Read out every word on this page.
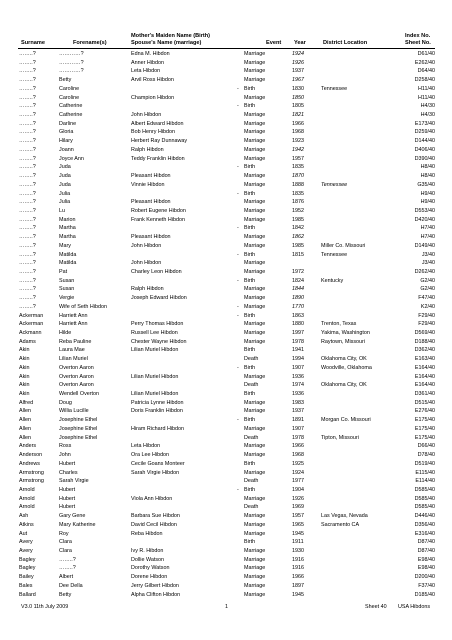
Mother's Maiden Name (Birth)
Surname	Forename(s)	Spouse's Name (marriage)	Event Year	District Location
Index No.
Sheet No.
……..?	…………?	Edna M. Hibdon	Marriage	1924	D61/40
……..?	…………?	Anner Hibdon	Marriage	1926	E262/40
……..?	…………?	Leta Hibdon	Marriage	1937	D64/40
……..?	Betty	Arvil Ross Hibdon	Marriage	1967	D258/40
……..?	Caroline	- Birth	1830	Tennessee	H11/40
……..?	Caroline	Champion Hibdon	Marriage	1850	H11/40
……..?	Catherine	- Birth	1805	H4/30
……..?	Catherine	John Hibdon	Marriage	1821	H4/30
……..?	Darline	Albert Edward Hibdon	Marriage	1966	E173/40
……..?	Gloria	Bob Henry Hibdon	Marriage	1968	D259/40
……..?	Hilary	Herbert Ray Dunnaway	Marriage	1923	D144/40
……..?	Joann	Ralph Hibdon	Marriage	1942	D406/40
……..?	Joyce Ann	Teddy Franklin Hibdon	Marriage	1957	D390/40
……..?	Juda	- Birth	1835	H8/40
……..?	Juda	Pleasant Hibdon	Marriage	1870	H8/40
……..?	Juda	Vinnie Hibdon	Marriage	1888	Tennessee	G35/40
……..?	Julia	- Birth	1835	H9/40
……..?	Julia	Pleasant Hibdon	Marriage	1876	H9/40
……..?	Lu	Robert Eugene Hibdon	Marriage	1952	D553/40
……..?	Marion	Frank Kenneth Hibdon	Marriage	1985	D420/40
……..?	Martha	- Birth	1842	H7/40
……..?	Martha	Pleasant Hibdon	Marriage	1862	H7/40
……..?	Mary	John Hibdon	Marriage	1985	Miller Co. Missouri	D149/40
……..?	Matilda	- Birth	1815	Tennessee	J3/40
……..?	Matilda	John Hibdon	Marriage	J3/40
……..?	Pat	Charley Leon Hibdon	Marriage	1972	D262/40
……..?	Susan	- Birth	1824	Kentucky	G2/40
……..?	Susan	Ralph Hibdon	Marriage	1844	G2/40
……..?	Vergie	Joseph Edward Hibdon	Marriage	1890	F47/40
……..?	Wife of Seth Hibdon	- Marriage	1770	K2/40
Ackerman	Harriett Ann	- Birth	1863	F29/40
Ackerman	Harriett Ann	Perry Thomas Hibdon	Marriage	1880	Trenton, Texas	F29/40
Ackmann	Hilde	Russell Lee Hibdon	Marriage	1997	Yakima, Washington	D569/40
Adams	Reba Pauline	Chester Wayne Hibdon	Marriage	1978	Raytown, Missouri	D188/40
Akin	Laura Mae	Lilian Muriel Hibdon	Birth	1941	D362/40
Akin	Lilian Muriel	Death	1994	Oklahoma City, OK	E163/40
Akin	Overton Aaron	- Birth	1907	Woodville, Oklahoma	E164/40
Akin	Overton Aaron	Lilian Muriel Hibdon	Marriage	1936	E164/40
Akin	Overton Aaron	Death	1974	Oklahoma City, OK	E164/40
Akin	Wendell Overton	Lilian Muriel Hibdon	Birth	1936	D361/40
Alfred	Doug	Patricia Lynne Hibdon	Marriage	1983	D515/40
Allen	Willia Lucille	Doris Franklin Hibdon	Marriage	1937	E276/40
Allen	Josephine Ethel	- Birth	1891	Morgan Co. Missouri	E175/40
Allen	Josephine Ethel	Hiram Richard Hibdon	Marriage	1907	E175/40
Allen	Josephine Ethel	Death	1978	Tipton, Missouri	E175/40
Anders	Ross	Leta Hibdon	Marriage	1966	D66/40
Anderson	John	Ora Lee Hibdon	Marriage	1968	D78/40
Andrews	Hubert	Cecile Goans Monteer	Birth	1925	D519/40
Armstrong	Charles	Sarah Virgie Hibdon	Marriage	1924	E115/40
Armstrong	Sarah Virgie	Death	1977	E114/40
Arnold	Hubert	- Birth	1904	D585/40
Arnold	Hubert	Viola Ann Hibdon	Marriage	1926	D585/40
Arnold	Hubert	Death	1969	D585/40
Ash	Gary Gene	Barbara Sue Hibdon	Marriage	1957	Las Vegas, Nevada	D446/40
Atkins	Mary Katherine	David Cecil Hibdon	Marriage	1965	Sacramento CA	D356/40
Aut	Roy	Reba Hibdon	Marriage	1945	E316/40
Avery	Clara	Birth	1911	D87/40
Avery	Clara	Ivy R. Hibdon	Marriage	1930	D87/40
Bagley	……..?	Dollie Watson	Marriage	1916	E98/40
Bagley	……..?	Dorothy Watson	Marriage	1916	E98/40
Bailey	Albert	Dorene Hibdon	Marriage	1966	D200/40
Bales	Dee Della	Jerry Gilbert Hibdon	Marriage	1897	F37/40
Ballard	Betty	Alpha Clifton Hibdon	Marriage	1945	D185/40
V3.0 11th July 2009	1	Sheet 40 USA Hibdons
